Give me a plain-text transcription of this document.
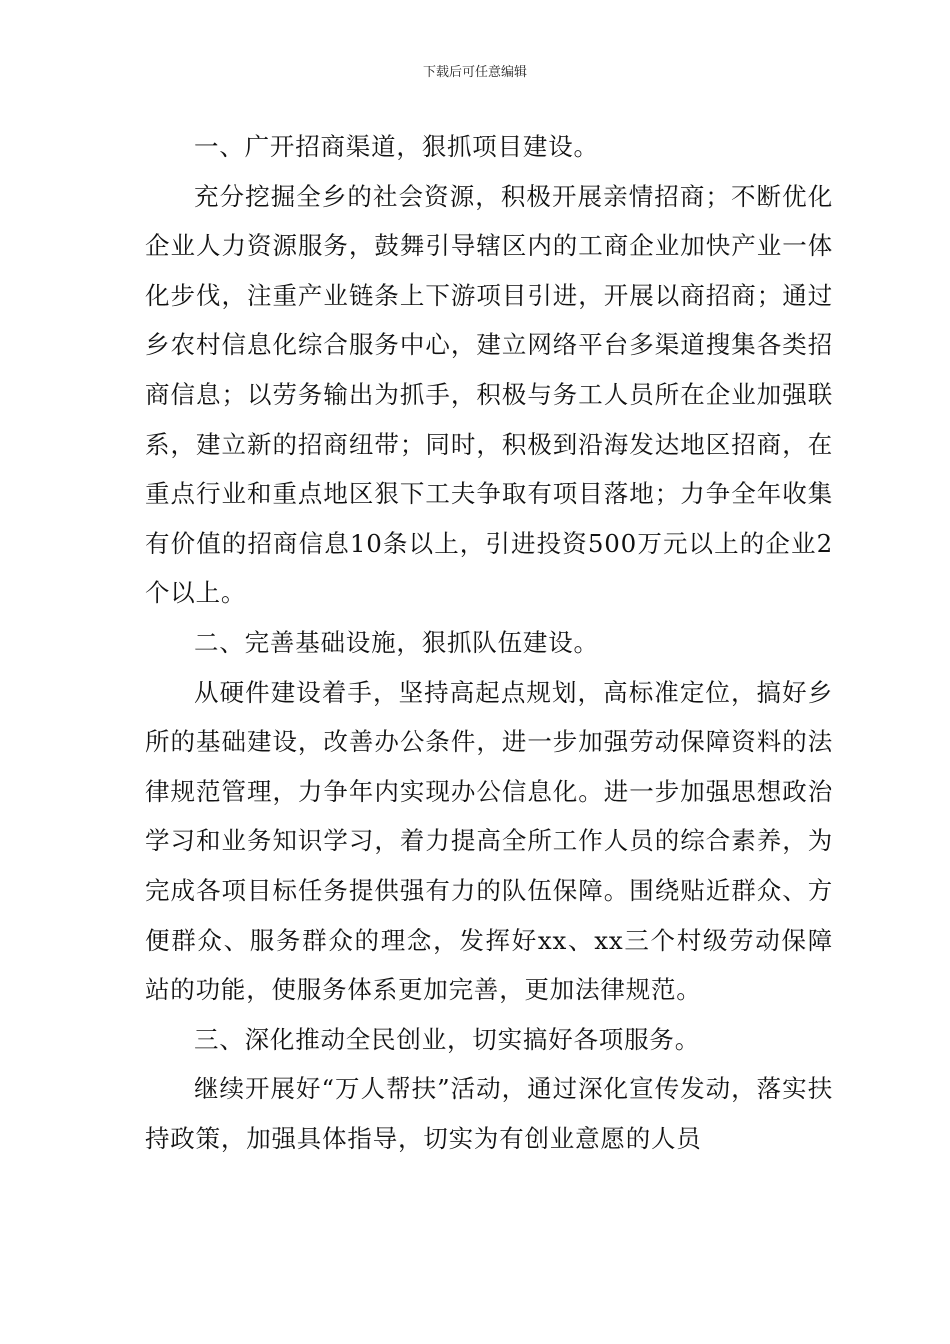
下载后可任意编辑

一、广开招商渠道，狠抓项目建设。

充分挖掘全乡的社会资源，积极开展亲情招商；不断优化企业人力资源服务，鼓舞引导辖区内的工商企业加快产业一体化步伐，注重产业链条上下游项目引进，开展以商招商；通过乡农村信息化综合服务中心，建立网络平台多渠道搜集各类招商信息；以劳务输出为抓手，积极与务工人员所在企业加强联系，建立新的招商纽带；同时，积极到沿海发达地区招商，在重点行业和重点地区狠下工夫争取有项目落地；力争全年收集有价值的招商信息10条以上，引进投资500万元以上的企业2个以上。

二、完善基础设施，狠抓队伍建设。

从硬件建设着手，坚持高起点规划，高标准定位，搞好乡所的基础建设，改善办公条件，进一步加强劳动保障资料的法律规范管理，力争年内实现办公信息化。进一步加强思想政治学习和业务知识学习，着力提高全所工作人员的综合素养，为完成各项目标任务提供强有力的队伍保障。围绕贴近群众、方便群众、服务群众的理念，发挥好xx、xx三个村级劳动保障站的功能，使服务体系更加完善，更加法律规范。

三、深化推动全民创业，切实搞好各项服务。

继续开展好“万人帮扶”活动，通过深化宣传发动，落实扶持政策，加强具体指导，切实为有创业意愿的人员
